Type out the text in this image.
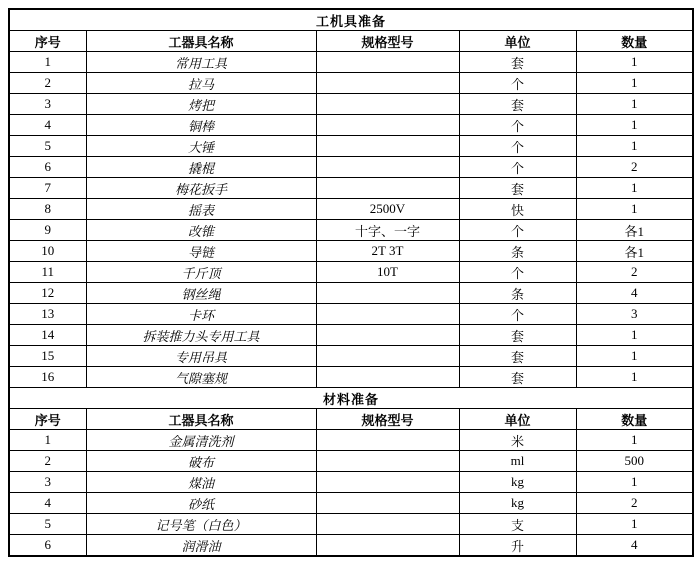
工机具准备				
序号	工器具名称	规格型号	单位	数量
1	常用工具		套	1
2	拉马		个	1
3	烤把		套	1
4	铜棒		个	1
5	大锤		个	1
6	撬棍		个	2
7	梅花扳手		套	1
8	摇表	2500V	快	1
9	改锥	十字、一字	个	各1
10	导链	2T 3T	条	各1
11	千斤顶	10T	个	2
12	钢丝绳		条	4
13	卡环		个	3
14	拆装推力头专用工具		套	1
15	专用吊具		套	1
16	气隙塞规		套	1
材料准备				
序号	工器具名称	规格型号	单位	数量
1	金属清洗剂		米	1
2	破布		ml	500
3	煤油		kg	1
4	砂纸		kg	2
5	记号笔（白色）		支	1
6	润滑油		升	4
